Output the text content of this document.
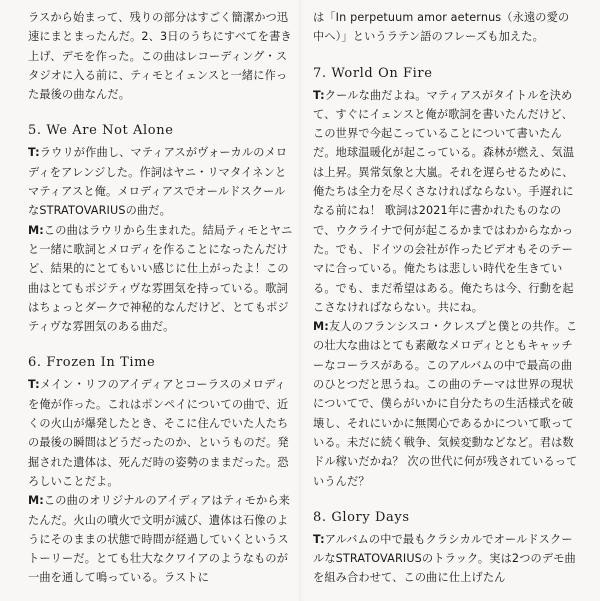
ラスから始まって、残りの部分はすごく簡潔かつ迅速にまとまったんだ。2、3日のうちにすべてを書き上げ、デモを作った。この曲はレコーディング・スタジオに入る前に、ティモとイェンスと一緒に作った最後の曲なんだ。

5. We Are Not Alone

T:ラウリが作曲し、マティアスがヴォーカルのメロディをアレンジした。作詞はヤニ・リマタイネンとマティアスと俺。メロディアスでオールドスクールなSTRATOVARIUSの曲だ。

M:この曲はラウリから生まれた。結局ティモとヤニと一緒に歌詞とメロディを作ることになったんだけど、結果的にとてもいい感じに仕上がったよ！この曲はとてもポジティヴな雰囲気を持っている。歌詞はちょっとダークで神秘的なんだけど、とてもポジティヴな雰囲気のある曲だ。

6. Frozen In Time

T:メイン・リフのアイディアとコーラスのメロディを俺が作った。これはポンペイについての曲で、近くの火山が爆発したとき、そこに住んでいた人たちの最後の瞬間はどうだったのか、というものだ。発掘された遺体は、死んだ時の姿勢のままだった。恐ろしいことだよ。

M:この曲のオリジナルのアイディアはティモから来たんだ。火山の噴火で文明が滅び、遺体は石像のようにそのままの状態で時間が経過していくというストーリーだ。とても壮大なクワイアのようなものが一曲を通して鳴っている。ラストに

は「In perpetuum amor aeternus（永遠の愛の中へ）」というラテン語のフレーズも加えた。

7. World On Fire

T:クールな曲だよね。マティアスがタイトルを決めて、すぐにイェンスと俺が歌詞を書いたんだけど、この世界で今起こっていることについて書いたんだ。地球温暖化が起こっている。森林が燃え、気温は上昇。異常気象と大嵐。それを遅らせるために、俺たちは全力を尽くさなければならない。手遅れになる前にね！ 歌詞は2021年に書かれたものなので、ウクライナで何が起こるかまではわからなかった。でも、ドイツの会社が作ったビデオもそのテーマに合っている。俺たちは悲しい時代を生きている。でも、まだ希望はある。俺たちは今、行動を起こさなければならない。共にね。

M:友人のフランシスコ・クレスプと僕との共作。この壮大な曲はとても素敵なメロディとともキャッチーなコーラスがある。このアルバムの中で最高の曲のひとつだと思うね。この曲のテーマは世界の現状についてで、僕らがいかに自分たちの生活様式を破壊し、それにいかに無関心であるかについて歌っている。未だに続く戦争、気候変動などなど。君は数ドル稼いだかね？ 次の世代に何が残されているっていうんだ？

8. Glory Days

T:アルバムの中で最もクラシカルでオールドスクールなSTRATOVARIUSのトラック。実は2つのデモ曲を組み合わせて、この曲に仕上げたん
